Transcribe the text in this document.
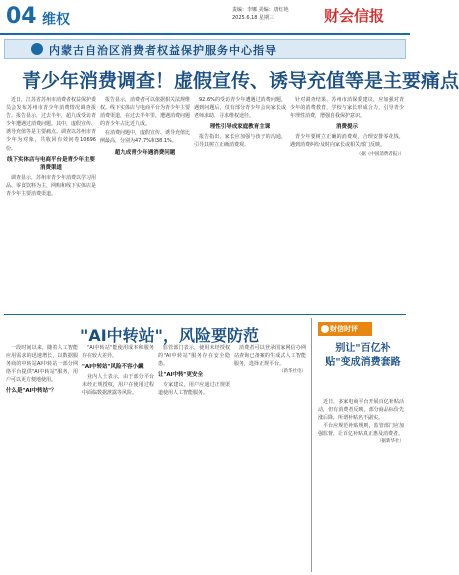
04 维权
责编：李娜 美编：唐红艳
2025.6.18 星期三	财会信报
内蒙古自治区消费者权益保护服务中心指导
青少年消费调查！虚假宣传、诱导充值等是主要痛点

近日，江苏省苏州市消费者权益保护委员会发布苏州市青少年消费情况调查报告。报告显示，过去半年，超九成受访青少年遭遇过消费问题。其中，虚假宣传、诱导充值等是主要痛点。调查以苏州市青少年为对象，共收回有效问卷10696份。

线下实体店与电商平台是青少年主要消费渠道

调查显示，苏州市青少年消费以学习用品、零食饮料为主，网购和线下实体店是青少年主要消费渠道。

报告显示，消费者可以依据相关法规维权。线下实体店与电商平台为青少年主要消费渠道，在过去半年里，遭遇消费问题的青少年占比近九成。

在消费问题中，虚假宣传、诱导充值比例最高，分别为47.7%和38.1%。

超九成青少年遇消费问题

92.6%的受访青少年遭遇过消费问题，遇到问题后，仅有部分青少年会向家长或老师求助，寻求维权途径。

理性引导成家庭教育主课

报告指出，家长应加强与孩子的沟通，引导其树立正确消费观。

针对调查结果，苏州市消保委建议，应加强对青少年的消费教育，学校与家长形成合力，引导青少年理性消费，增强自我保护意识。

消费提示

青少年要树立正确的消费观，合理安排零花钱，遇到消费纠纷及时向家长或相关部门反映。

（据《中国消费者报》）

"AI中转站"，风险要防范

一段时间以来，随着人工智能应用需求的迅速增长，以数据服务商的中转站AI中转站一部分网络平台提供"AI中转站"服务，用户可以更方便地使用。

什么是"AI中转站"？

"AI中转站"能使用成本和服务存在较大差异。

"AI中转站"风险不容小觑

业内人士表示，由于部分平台未经正规授权，用户在使用过程中面临数据泄露等风险。

监管部门表示，使用未经授权的"AI中转站"服务存在安全隐患。

让"AI中转"更安全

专家建议，用户应通过正规渠道使用人工智能服务。

消费者可以登录国家网信办网站查询已备案的生成式人工智能服务，选择正规平台。

（新华社电）

财信时评
别让"百亿补贴"变成消费套路

近日，多家电商平台开展百亿补贴活动，但有消费者反映，部分商品标价先涨后降，所谓补贴名不副实。

平台应规范补贴规则，监管部门应加强监督，让百亿补贴真正惠及消费者。

（据新华社）
